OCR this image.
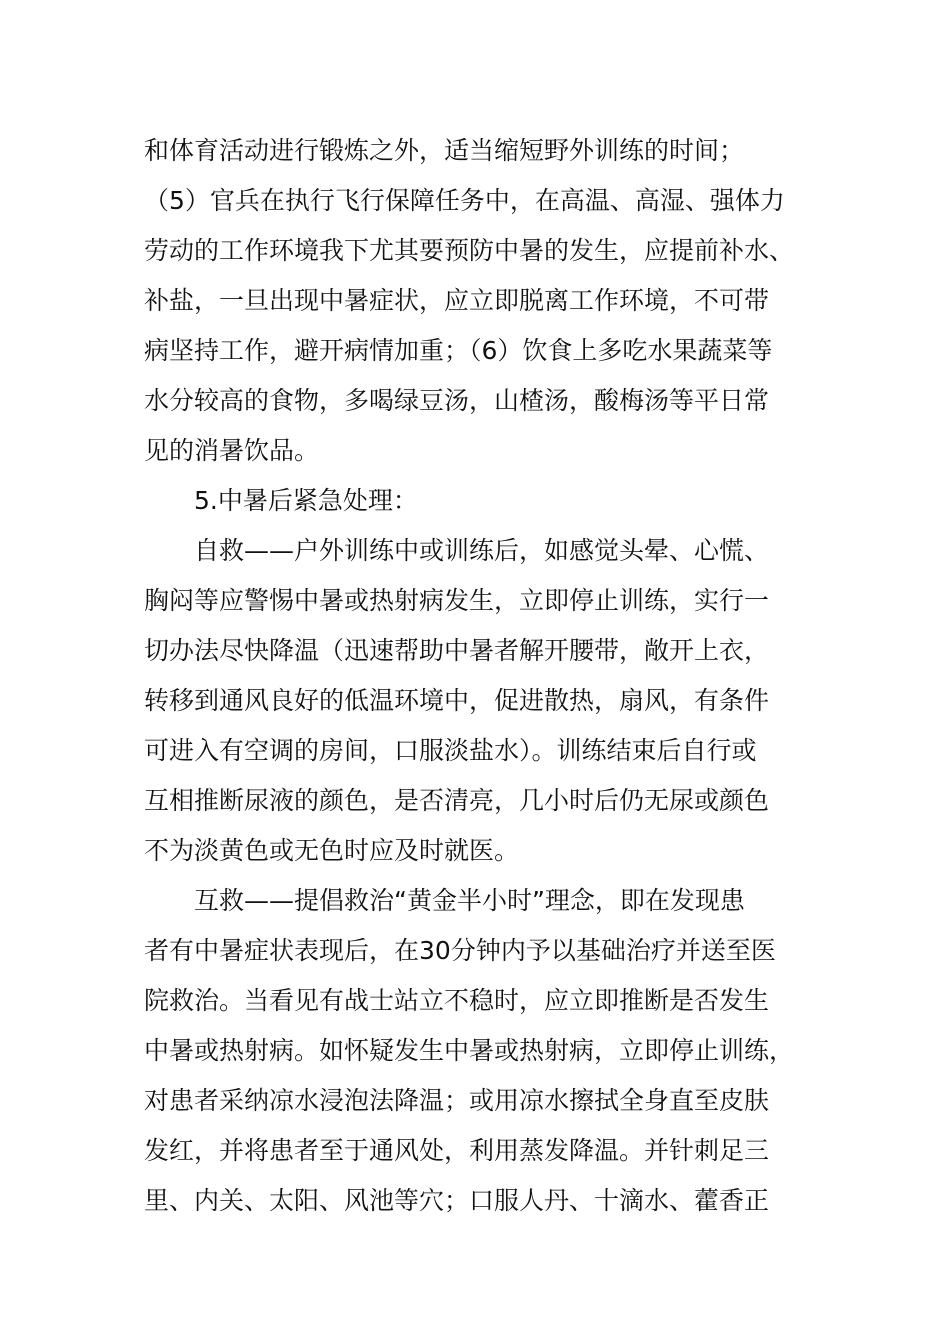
和体育活动进行锻炼之外，适当缩短野外训练的时间；
（5）官兵在执行飞行保障任务中，在高温、高湿、强体力
劳动的工作环境我下尤其要预防中暑的发生，应提前补水、
补盐，一旦出现中暑症状，应立即脱离工作环境，不可带
病坚持工作，避开病情加重；（6）饮食上多吃水果蔬菜等
水分较高的食物，多喝绿豆汤，山楂汤，酸梅汤等平日常
见的消暑饮品。
5.中暑后紧急处理：
自救——户外训练中或训练后，如感觉头晕、心慌、
胸闷等应警惕中暑或热射病发生，立即停止训练，实行一
切办法尽快降温（迅速帮助中暑者解开腰带，敞开上衣，
转移到通风良好的低温环境中，促进散热，扇风，有条件
可进入有空调的房间，口服淡盐水）。训练结束后自行或
互相推断尿液的颜色，是否清亮，几小时后仍无尿或颜色
不为淡黄色或无色时应及时就医。
互救——提倡救治“黄金半小时”理念，即在发现患
者有中暑症状表现后，在30分钟内予以基础治疗并送至医
院救治。当看见有战士站立不稳时，应立即推断是否发生
中暑或热射病。如怀疑发生中暑或热射病，立即停止训练，
对患者采纳凉水浸泡法降温；或用凉水擦拭全身直至皮肤
发红，并将患者至于通风处，利用蒸发降温。并针刺足三
里、内关、太阳、风池等穴；口服人丹、十滴水、藿香正
